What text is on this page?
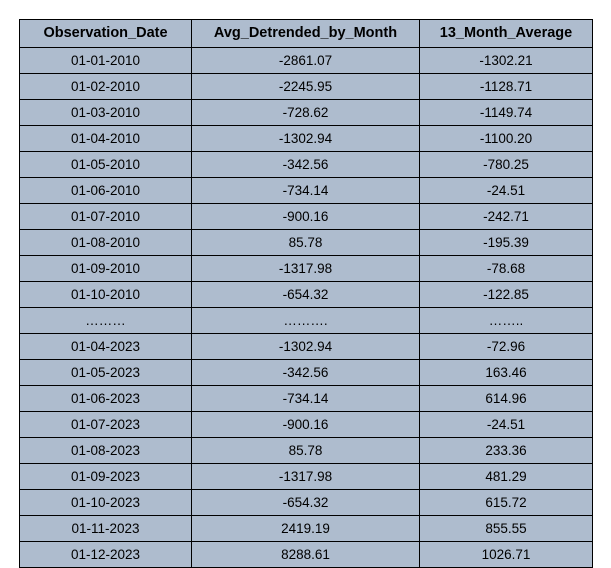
Observation_Date	Avg_Detrended_by_Month	13_Month_Average
01-01-2010	-2861.07	-1302.21
01-02-2010	-2245.95	-1128.71
01-03-2010	-728.62	-1149.74
01-04-2010	-1302.94	-1100.20
01-05-2010	-342.56	-780.25
01-06-2010	-734.14	-24.51
01-07-2010	-900.16	-242.71
01-08-2010	85.78	-195.39
01-09-2010	-1317.98	-78.68
01-10-2010	-654.32	-122.85
………	……….	……..
01-04-2023	-1302.94	-72.96
01-05-2023	-342.56	163.46
01-06-2023	-734.14	614.96
01-07-2023	-900.16	-24.51
01-08-2023	85.78	233.36
01-09-2023	-1317.98	481.29
01-10-2023	-654.32	615.72
01-11-2023	2419.19	855.55
01-12-2023	8288.61	1026.71
